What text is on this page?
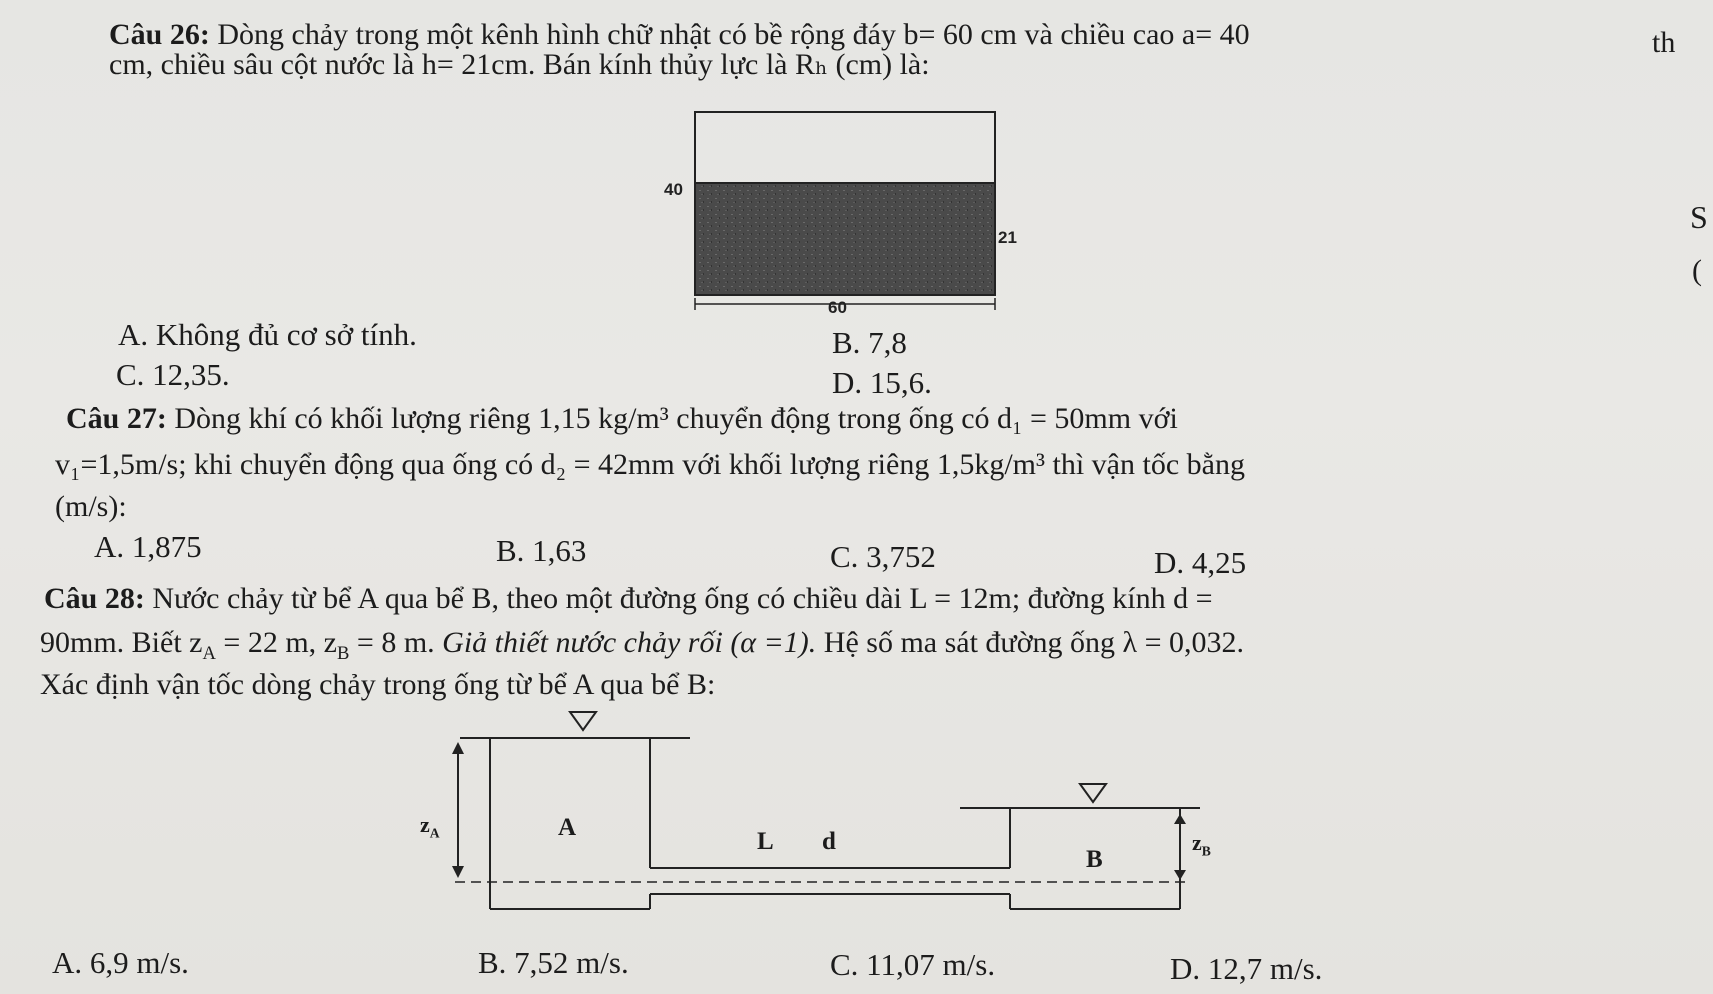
Câu 26: Dòng chảy trong một kênh hình chữ nhật có bề rộng đáy b= 60 cm và chiều cao a= 40	th
cm, chiều sâu cột nước là h= 21cm. Bán kính thủy lực là Rₕ (cm) là:
40
21
60
A. Không đủ cơ sở tính.	B. 7,8
C. 12,35.	D. 15,6.
Câu 27: Dòng khí có khối lượng riêng 1,15 kg/m³ chuyển động trong ống có d₁ = 50mm với
v₁=1,5m/s; khi chuyển động qua ống có d₂ = 42mm với khối lượng riêng 1,5kg/m³ thì vận tốc bằng
(m/s):
A. 1,875	B. 1,63	C. 3,752	D. 4,25
Câu 28: Nước chảy từ bể A qua bể B, theo một đường ống có chiều dài L = 12m; đường kính d =
90mm. Biết $z_A = 22$ m, $z_B = 8$ m. Giả thiết nước chảy rối (α =1). Hệ số ma sát đường ống λ = 0,032.
Xác định vận tốc dòng chảy trong ống từ bể A qua bể B:
$z_A$	A
L d
B
$z_B$
A. 6,9 m/s.	B. 7,52 m/s.	C. 11,07 m/s.	D. 12,7 m/s.
S
(
